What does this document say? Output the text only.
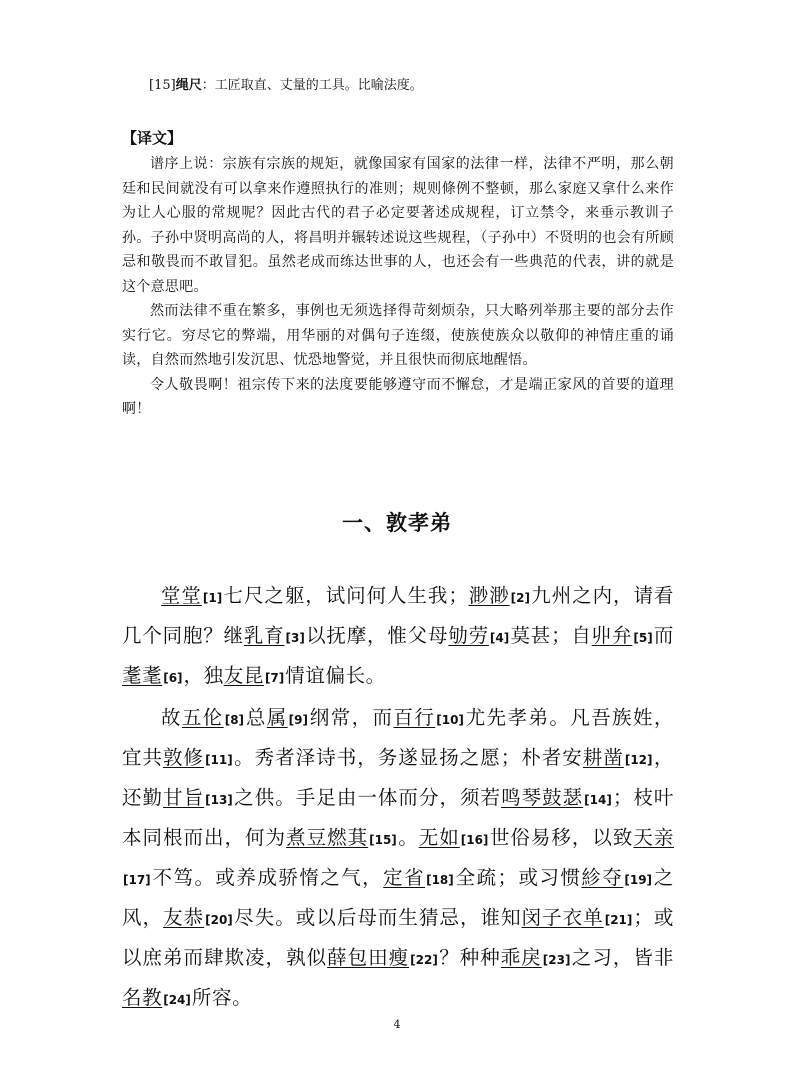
[15]绳尺：工匠取直、丈量的工具。比喻法度。
【译文】

谱序上说：宗族有宗族的规矩，就像国家有国家的法律一样，法律不严明，那么朝廷和民间就没有可以拿来作遵照执行的准则；规则條例不整顿，那么家庭又拿什么来作为让人心服的常规呢？因此古代的君子必定要著述成规程，订立禁令，来垂示教训子孙。子孙中贤明高尚的人，将昌明并辗转述说这些规程，（子孙中）不贤明的也会有所顾忌和敬畏而不敢冒犯。虽然老成而练达世事的人，也还会有一些典范的代表，讲的就是这个意思吧。

然而法律不重在繁多，事例也无须选择得苛刻烦杂，只大略列举那主要的部分去作实行它。穷尽它的弊端，用华丽的对偶句子连缀，使族使族众以敬仰的神情庄重的诵读，自然而然地引发沉思、忧恐地警觉，并且很快而彻底地醒悟。

令人敬畏啊！祖宗传下来的法度要能够遵守而不懈怠，才是端正家风的首要的道理啊！

一、敦孝弟

堂堂[1]七尺之躯，试问何人生我；渺渺[2]九州之内，请看几个同胞？继乳育[3]以抚摩，惟父母劬劳[4]莫甚；自丱弁[5]而耄耄[6]，独友昆[7]情谊偏长。

故五伦[8]总属[9]纲常，而百行[10]尤先孝弟。凡吾族姓，宜共敦修[11]。秀者泽诗书，务遂显扬之愿；朴者安耕凿[12]，还勤甘旨[13]之供。手足由一体而分，须若鸣琴鼓瑟[14]；枝叶本同根而出，何为煮豆燃萁[15]。无如[16]世俗易移，以致天亲[17]不笃。或养成骄惰之气，定省[18]全疏；或习惯紾夺[19]之风，友恭[20]尽失。或以后母而生猜忌，谁知闵子衣单[21]；或以庶弟而肆欺凌，孰似薛包田瘦[22]？种种乖戾[23]之习，皆非名教[24]所容。

4
